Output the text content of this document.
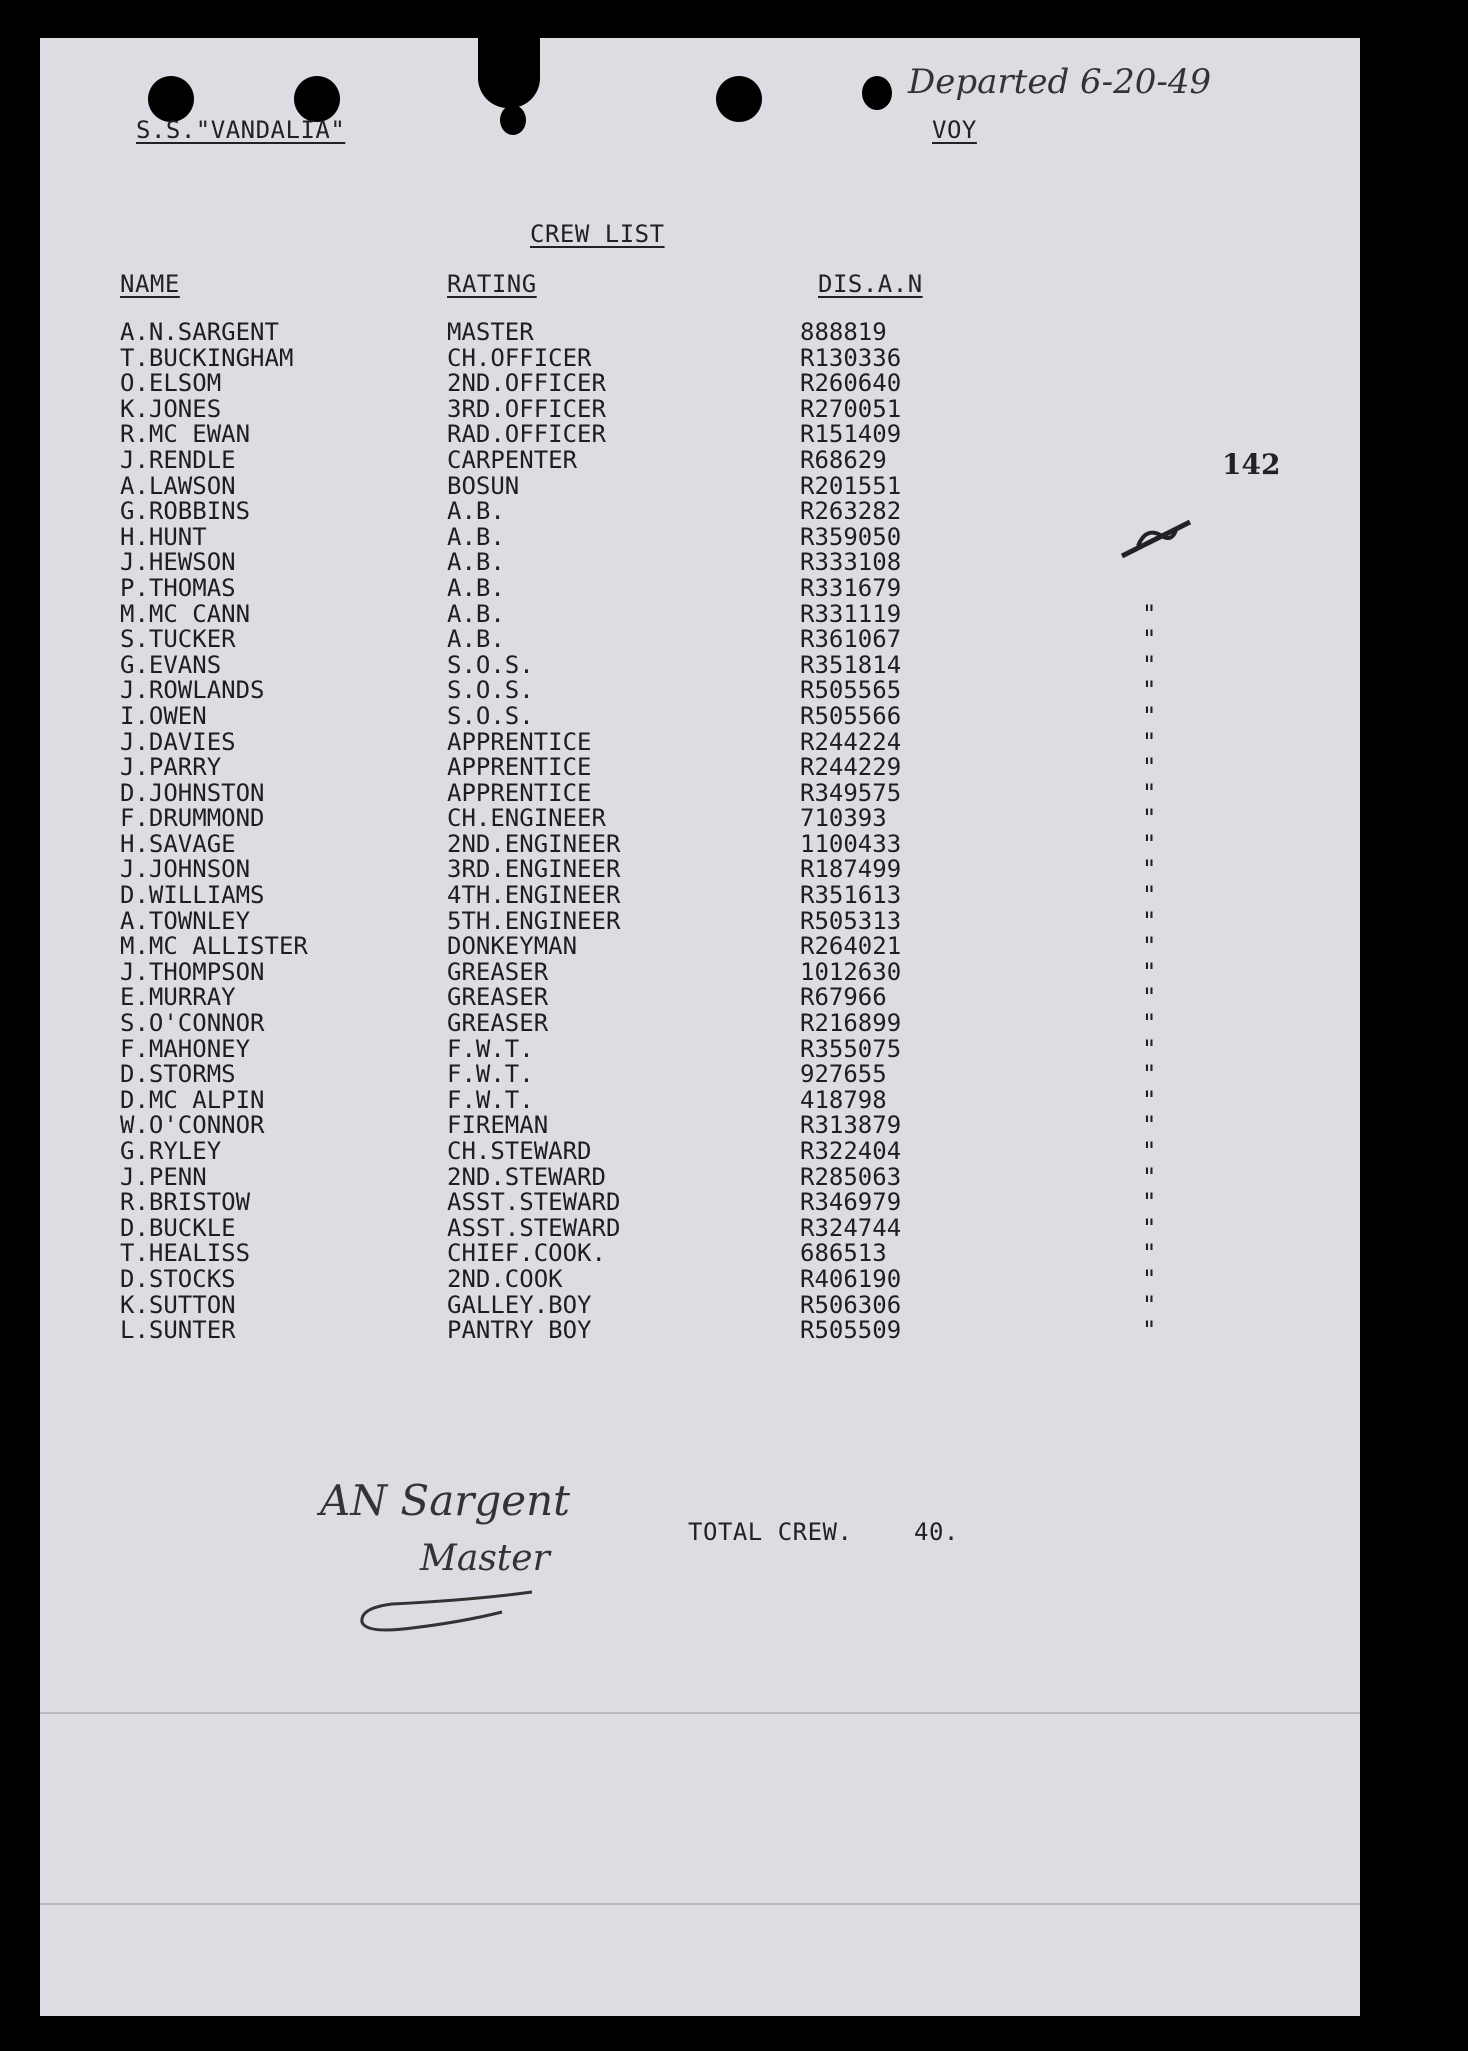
S.S."VANDALIA"	VOY
Departed 6-20-49
142
CREW LIST
NAME	RATING	DIS.A.N
A.N.SARGENT	MASTER	888819
T.BUCKINGHAM	CH.OFFICER	R130336
O.ELSOM	2ND.OFFICER	R260640
K.JONES	3RD.OFFICER	R270051
R.MC EWAN	RAD.OFFICER	R151409
J.RENDLE	CARPENTER	R68629
A.LAWSON	BOSUN	R201551
G.ROBBINS	A.B.	R263282
H.HUNT	A.B.	R359050
J.HEWSON	A.B.	R333108
P.THOMAS	A.B.	R331679
M.MC CANN	A.B.	R331119	"
S.TUCKER	A.B.	R361067	"
G.EVANS	S.O.S.	R351814	"
J.ROWLANDS	S.O.S.	R505565	"
I.OWEN	S.O.S.	R505566	"
J.DAVIES	APPRENTICE	R244224	"
J.PARRY	APPRENTICE	R244229	"
D.JOHNSTON	APPRENTICE	R349575	"
F.DRUMMOND	CH.ENGINEER	710393	"
H.SAVAGE	2ND.ENGINEER	1100433	"
J.JOHNSON	3RD.ENGINEER	R187499	"
D.WILLIAMS	4TH.ENGINEER	R351613	"
A.TOWNLEY	5TH.ENGINEER	R505313	"
M.MC ALLISTER	DONKEYMAN	R264021	"
J.THOMPSON	GREASER	1012630	"
E.MURRAY	GREASER	R67966	"
S.O'CONNOR	GREASER	R216899	"
F.MAHONEY	F.W.T.	R355075	"
D.STORMS	F.W.T.	927655	"
D.MC ALPIN	F.W.T.	418798	"
W.O'CONNOR	FIREMAN	R313879	"
G.RYLEY	CH.STEWARD	R322404	"
J.PENN	2ND.STEWARD	R285063	"
R.BRISTOW	ASST.STEWARD	R346979	"
D.BUCKLE	ASST.STEWARD	R324744	"
T.HEALISS	CHIEF.COOK.	686513	"
D.STOCKS	2ND.COOK	R406190	"
K.SUTTON	GALLEY.BOY	R506306	"
L.SUNTER	PANTRY BOY	R505509	"
AN Sargent
Master
TOTAL CREW.	40.
